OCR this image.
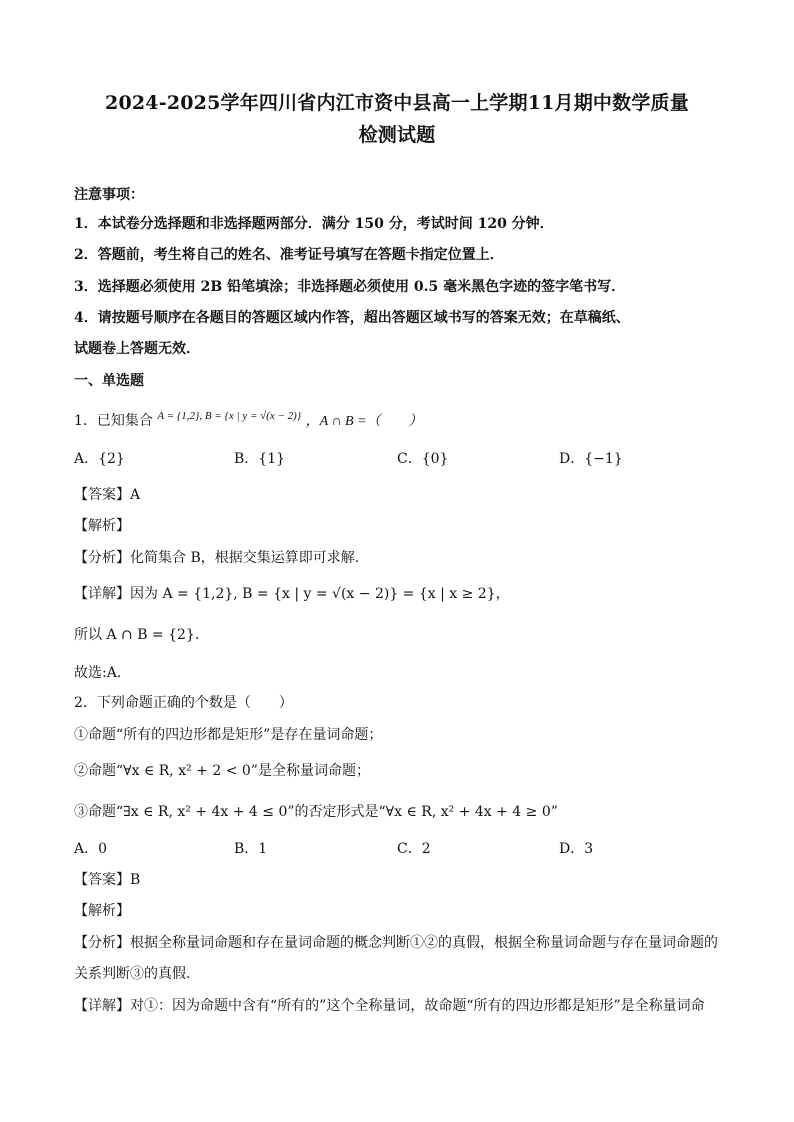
2024-2025学年四川省内江市资中县高一上学期11月期中数学质量
检测试题
注意事项：
1．本试卷分选择题和非选择题两部分．满分 150 分，考试时间 120 分钟．
2．答题前，考生将自己的姓名、准考证号填写在答题卡指定位置上．
3．选择题必须使用 2B 铅笔填涂；非选择题必须使用 0.5 毫米黑色字迹的签字笔书写．
4．请按题号顺序在各题目的答题区域内作答，超出答题区域书写的答案无效；在草稿纸、
试题卷上答题无效．
一、单选题
1．已知集合 $^{A = \{1,2\}, B = \{x | y = √(x - 2)\}}$ ，A ∩ B =（　　）
A．{2}	B．{1}	C．{0}	D．{−1}
【答案】A
【解析】
【分析】化简集合 B，根据交集运算即可求解.
【详解】因为 A = {1,2}, B = {x | y = √(x − 2)} = {x | x ≥ 2}，
所以 A ∩ B = {2}.
故选:A.
2．下列命题正确的个数是（　　）
①命题“所有的四边形都是矩形”是存在量词命题；
②命题“∀x ∈ R, x² + 2 < 0”是全称量词命题；
③命题“∃x ∈ R, x² + 4x + 4 ≤ 0”的否定形式是“∀x ∈ R, x² + 4x + 4 ≥ 0”
A．0	B．1	C．2	D．3
【答案】B
【解析】
【分析】根据全称量词命题和存在量词命题的概念判断①②的真假，根据全称量词命题与存在量词命题的
关系判断③的真假.
【详解】对①：因为命题中含有“所有的”这个全称量词，故命题“所有的四边形都是矩形”是全称量词命
